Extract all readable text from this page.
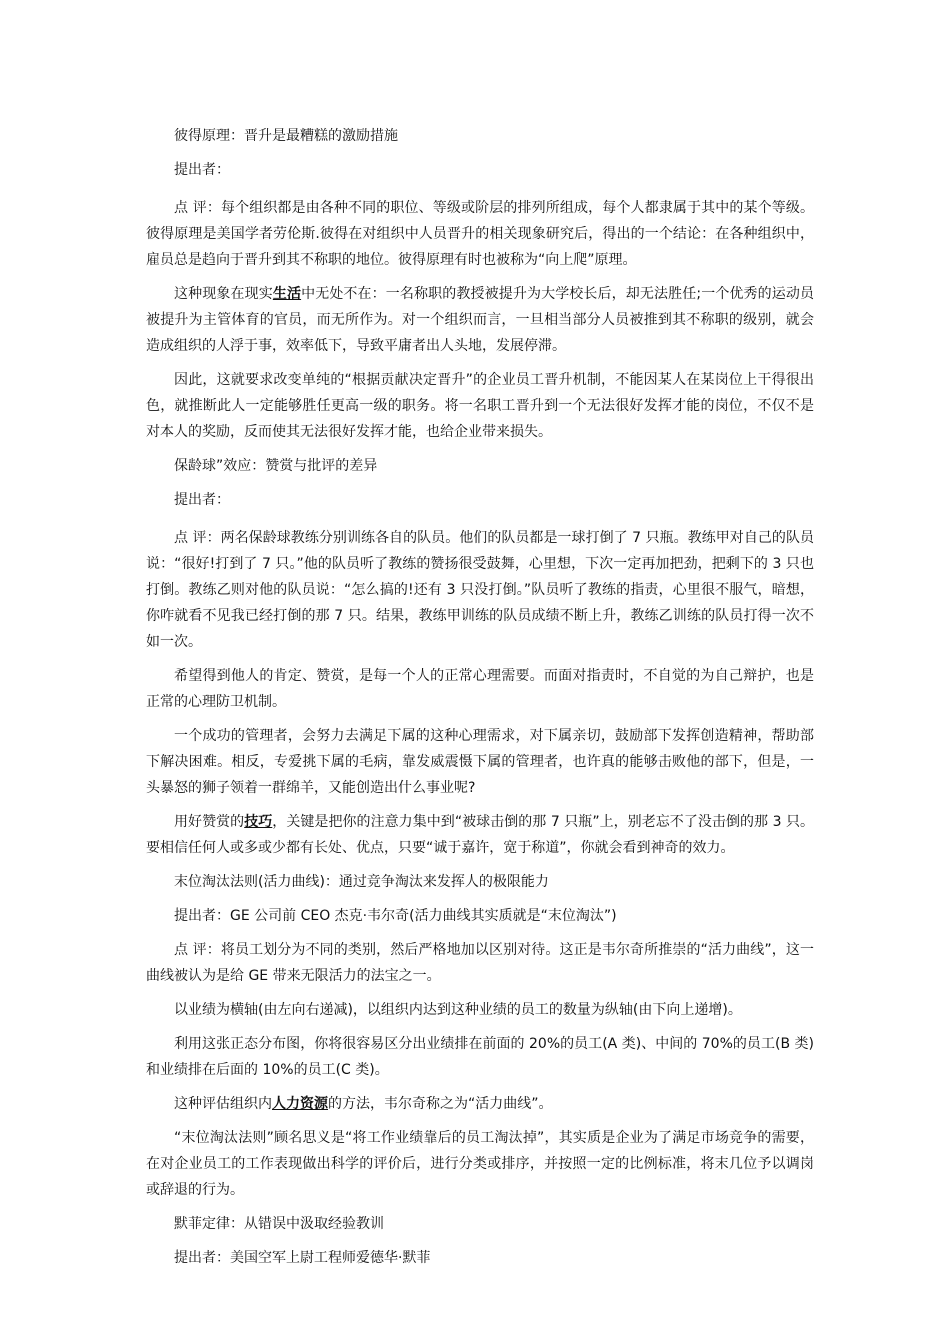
彼得原理：晋升是最糟糕的激励措施

提出者：

点 评：每个组织都是由各种不同的职位、等级或阶层的排列所组成，每个人都隶属于其中的某个等级。彼得原理是美国学者劳伦斯.彼得在对组织中人员晋升的相关现象研究后，得出的一个结论：在各种组织中，雇员总是趋向于晋升到其不称职的地位。彼得原理有时也被称为“向上爬”原理。

这种现象在现实生活中无处不在：一名称职的教授被提升为大学校长后，却无法胜任;一个优秀的运动员被提升为主管体育的官员，而无所作为。对一个组织而言，一旦相当部分人员被推到其不称职的级别，就会造成组织的人浮于事，效率低下，导致平庸者出人头地，发展停滞。

因此，这就要求改变单纯的“根据贡献决定晋升”的企业员工晋升机制，不能因某人在某岗位上干得很出色，就推断此人一定能够胜任更高一级的职务。将一名职工晋升到一个无法很好发挥才能的岗位，不仅不是对本人的奖励，反而使其无法很好发挥才能，也给企业带来损失。

保龄球”效应：赞赏与批评的差异

提出者：

点 评：两名保龄球教练分别训练各自的队员。他们的队员都是一球打倒了 7 只瓶。教练甲对自己的队员说：“很好!打到了 7 只。”他的队员听了教练的赞扬很受鼓舞，心里想，下次一定再加把劲，把剩下的 3 只也打倒。教练乙则对他的队员说：“怎么搞的!还有 3 只没打倒。”队员听了教练的指责，心里很不服气，暗想，你咋就看不见我已经打倒的那 7 只。结果，教练甲训练的队员成绩不断上升，教练乙训练的队员打得一次不如一次。

希望得到他人的肯定、赞赏，是每一个人的正常心理需要。而面对指责时，不自觉的为自己辩护，也是正常的心理防卫机制。

一个成功的管理者，会努力去满足下属的这种心理需求，对下属亲切，鼓励部下发挥创造精神，帮助部下解决困难。相反，专爱挑下属的毛病，靠发威震慑下属的管理者，也许真的能够击败他的部下，但是，一头暴怒的狮子领着一群绵羊，又能创造出什么事业呢?

用好赞赏的技巧，关键是把你的注意力集中到“被球击倒的那 7 只瓶”上，别老忘不了没击倒的那 3 只。要相信任何人或多或少都有长处、优点，只要“诚于嘉许，宽于称道”，你就会看到神奇的效力。

末位淘汰法则(活力曲线)：通过竞争淘汰来发挥人的极限能力

提出者：GE 公司前 CEO 杰克·韦尔奇(活力曲线其实质就是“末位淘汰”)

点 评：将员工划分为不同的类别，然后严格地加以区别对待。这正是韦尔奇所推崇的“活力曲线”，这一曲线被认为是给 GE 带来无限活力的法宝之一。

以业绩为横轴(由左向右递减)，以组织内达到这种业绩的员工的数量为纵轴(由下向上递增)。

利用这张正态分布图，你将很容易区分出业绩排在前面的 20%的员工(A 类)、中间的 70%的员工(B 类)和业绩排在后面的 10%的员工(C 类)。

这种评估组织内人力资源的方法，韦尔奇称之为“活力曲线”。

“末位淘汰法则”顾名思义是“将工作业绩靠后的员工淘汰掉”，其实质是企业为了满足市场竞争的需要，在对企业员工的工作表现做出科学的评价后，进行分类或排序，并按照一定的比例标准，将末几位予以调岗或辞退的行为。

默菲定律：从错误中汲取经验教训

提出者：美国空军上尉工程师爱德华·默菲
